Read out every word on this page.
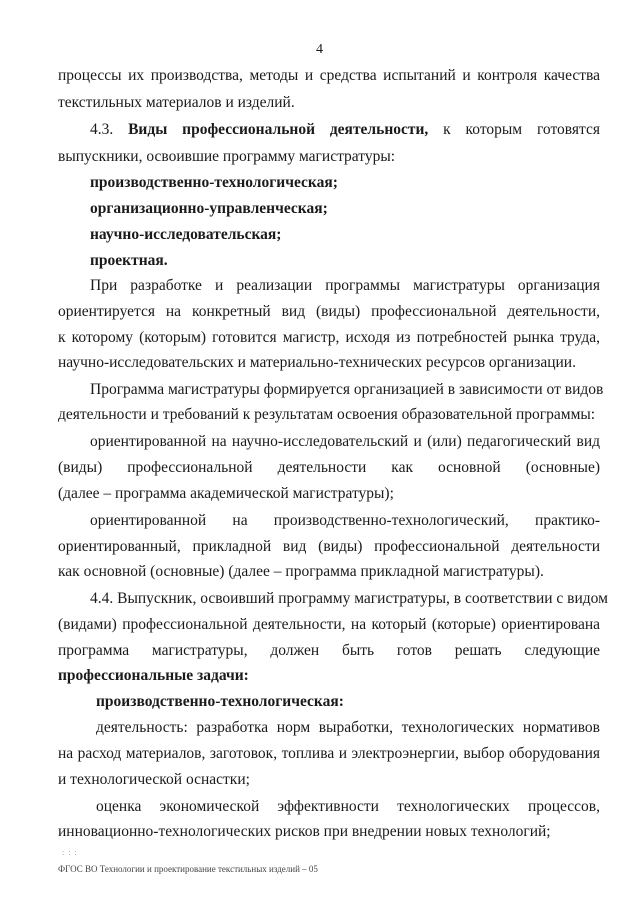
4
процессы их производства, методы и средства испытаний и контроля качества
текстильных материалов и изделий.
4.3. Виды профессиональной деятельности, к которым готовятся
выпускники, освоившие программу магистратуры:
производственно-технологическая;
организационно-управленческая;
научно-исследовательская;
проектная.
При разработке и реализации программы магистратуры организация
ориентируется на конкретный вид (виды) профессиональной деятельности,
к которому (которым) готовится магистр, исходя из потребностей рынка труда,
научно-исследовательских и материально-технических ресурсов организации.
Программа магистратуры формируется организацией в зависимости от видов
деятельности и требований к результатам освоения образовательной программы:
ориентированной на научно-исследовательский и (или) педагогический вид
(виды) профессиональной деятельности как основной (основные)
(далее – программа академической магистратуры);
ориентированной на производственно-технологический, практико-
ориентированный, прикладной вид (виды) профессиональной деятельности
как основной (основные) (далее – программа прикладной магистратуры).
4.4. Выпускник, освоивший программу магистратуры, в соответствии с видом
(видами) профессиональной деятельности, на который (которые) ориентирована
программа магистратуры, должен быть готов решать следующие
профессиональные задачи:
производственно-технологическая:
деятельность: разработка норм выработки, технологических нормативов
на расход материалов, заготовок, топлива и электроэнергии, выбор оборудования
и технологической оснастки;
оценка экономической эффективности технологических процессов,
инновационно-технологических рисков при внедрении новых технологий;
: : :
ФГОС ВО Технологии и проектирование текстильных изделий – 05
